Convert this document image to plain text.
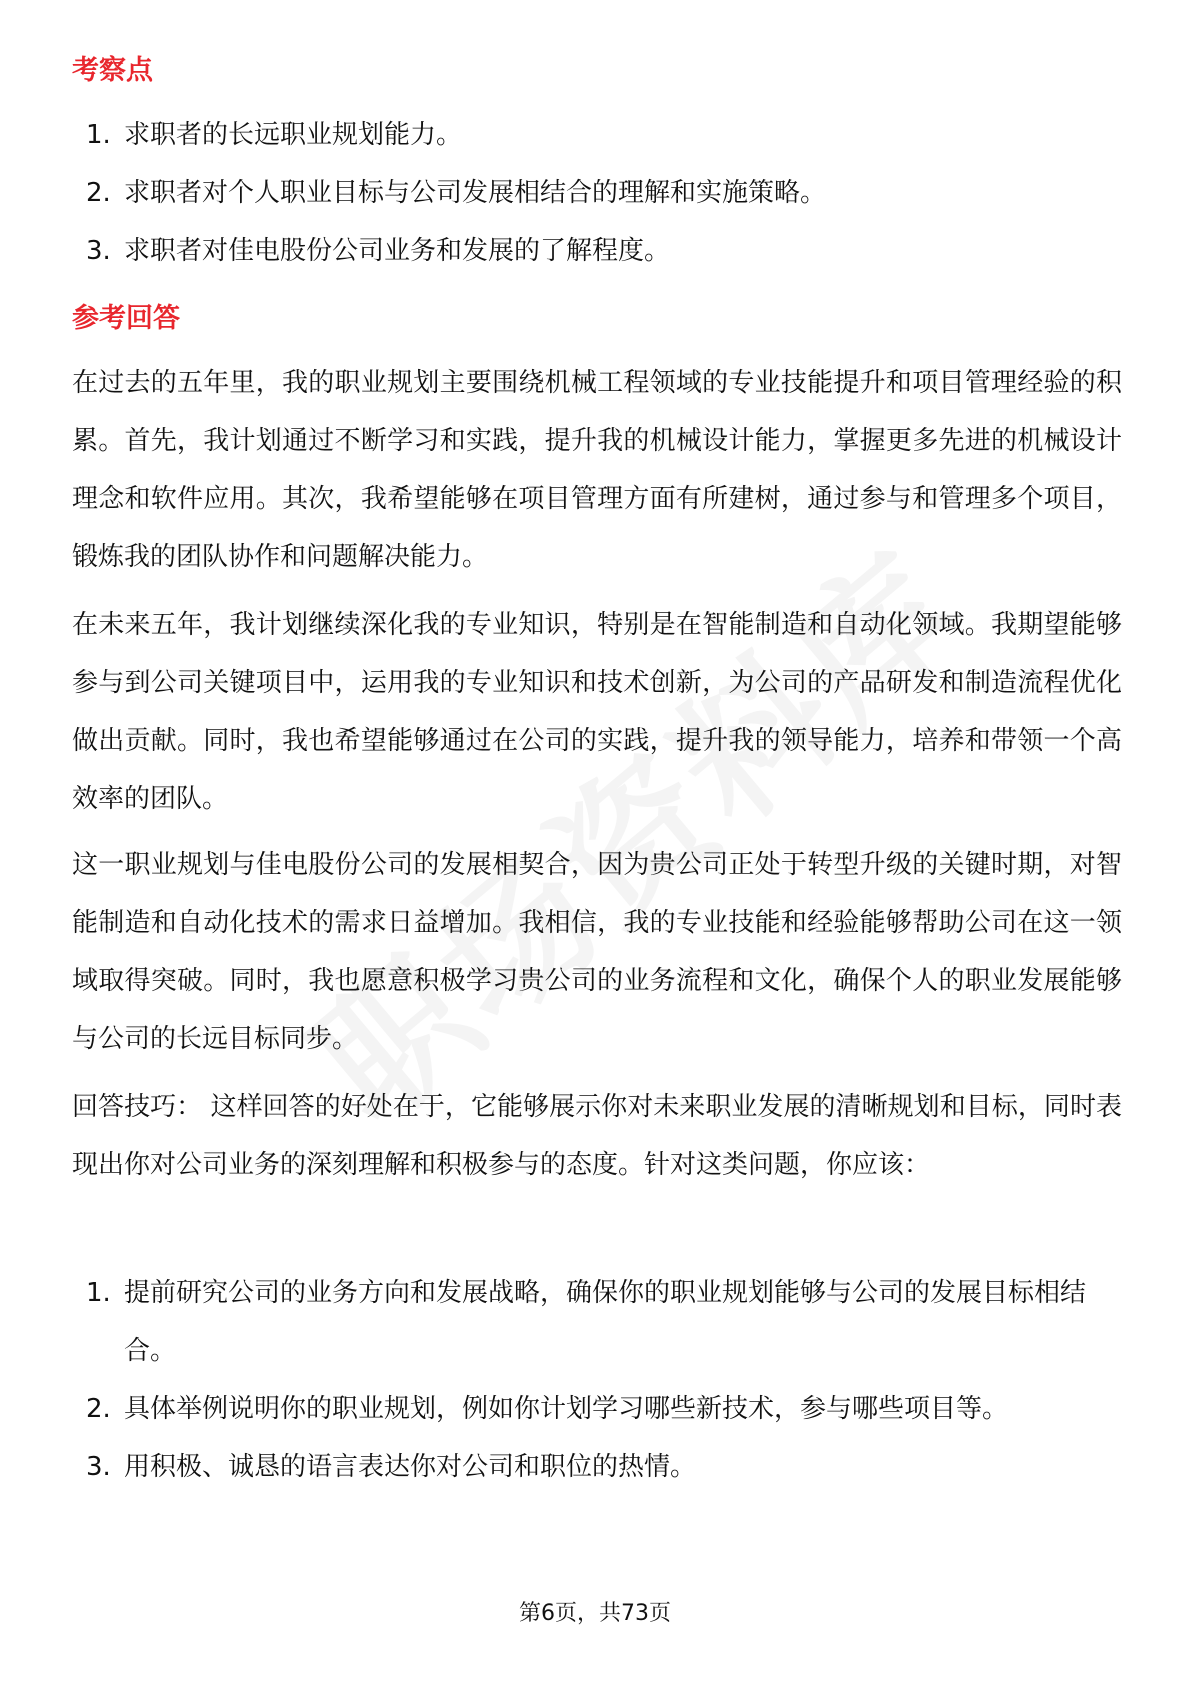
考察点
1. 求职者的长远职业规划能力。
2. 求职者对个人职业目标与公司发展相结合的理解和实施策略。
3. 求职者对佳电股份公司业务和发展的了解程度。
参考回答

在过去的五年里，我的职业规划主要围绕机械工程领域的专业技能提升和项目管理经验的积累。首先，我计划通过不断学习和实践，提升我的机械设计能力，掌握更多先进的机械设计理念和软件应用。其次，我希望能够在项目管理方面有所建树，通过参与和管理多个项目，锻炼我的团队协作和问题解决能力。

在未来五年，我计划继续深化我的专业知识，特别是在智能制造和自动化领域。我期望能够参与到公司关键项目中，运用我的专业知识和技术创新，为公司的产品研发和制造流程优化做出贡献。同时，我也希望能够通过在公司的实践，提升我的领导能力，培养和带领一个高效率的团队。

这一职业规划与佳电股份公司的发展相契合，因为贵公司正处于转型升级的关键时期，对智能制造和自动化技术的需求日益增加。我相信，我的专业技能和经验能够帮助公司在这一领域取得突破。同时，我也愿意积极学习贵公司的业务流程和文化，确保个人的职业发展能够与公司的长远目标同步。

回答技巧： 这样回答的好处在于，它能够展示你对未来职业发展的清晰规划和目标，同时表现出你对公司业务的深刻理解和积极参与的态度。针对这类问题，你应该：

1. 提前研究公司的业务方向和发展战略，确保你的职业规划能够与公司的发展目标相结合。
2. 具体举例说明你的职业规划，例如你计划学习哪些新技术，参与哪些项目等。
3. 用积极、诚恳的语言表达你对公司和职位的热情。
第6页，共73页
